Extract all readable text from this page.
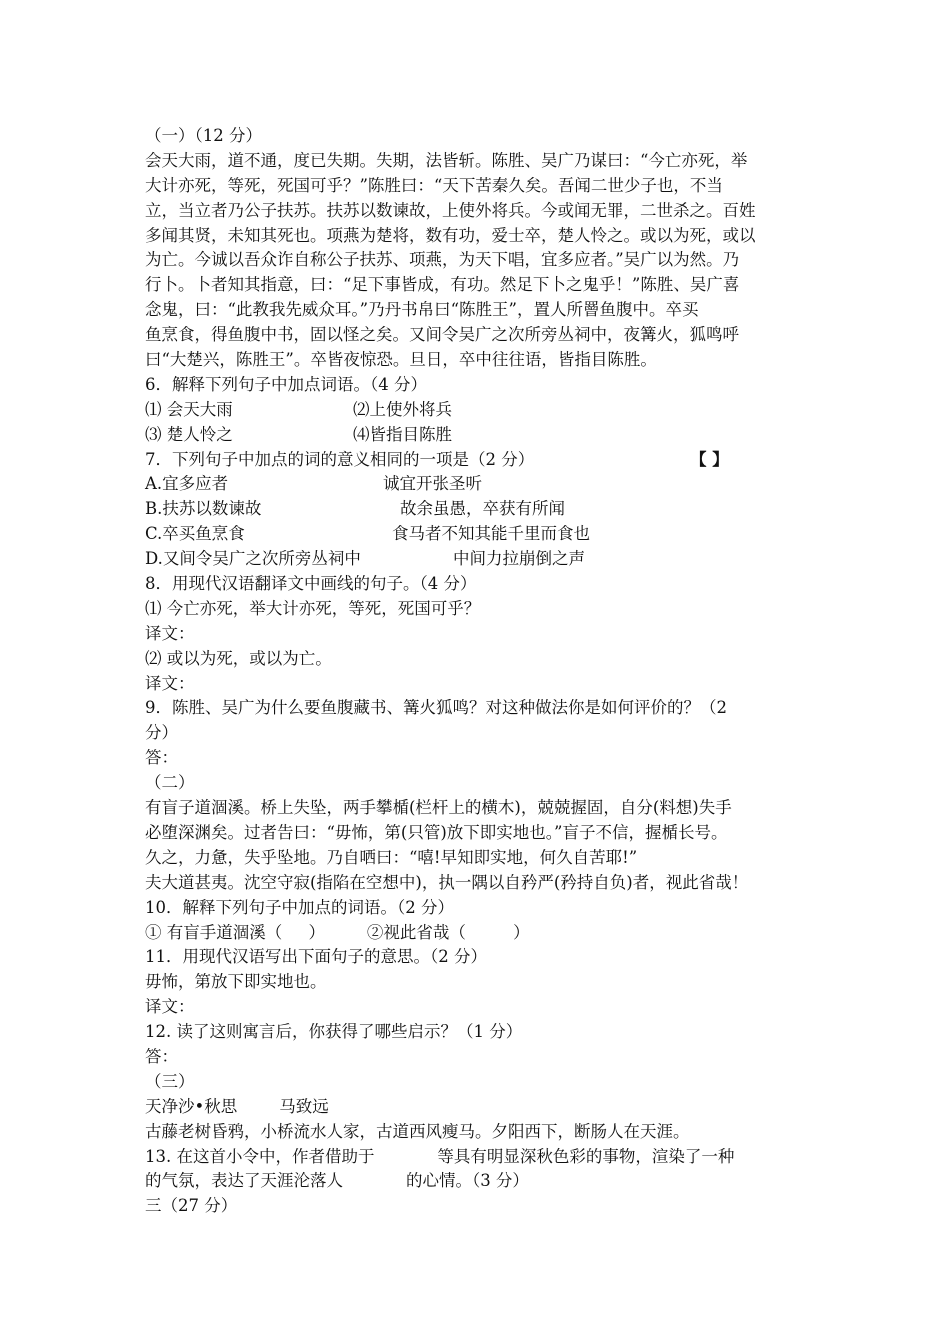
（一）（12 分）
会天大雨，道不通，度已失期。失期，法皆斩。陈胜、吴广乃谋曰：“今亡亦死，举
大计亦死，等死，死国可乎？”陈胜曰：“天下苦秦久矣。吾闻二世少子也，不当
立，当立者乃公子扶苏。扶苏以数谏故，上使外将兵。今或闻无罪，二世杀之。百姓
多闻其贤，未知其死也。项燕为楚将，数有功，爱士卒，楚人怜之。或以为死，或以
为亡。今诚以吾众诈自称公子扶苏、项燕，为天下唱，宜多应者。”吴广以为然。乃
行卜。卜者知其指意，曰：“足下事皆成，有功。然足下卜之鬼乎！”陈胜、吴广喜
念鬼，曰：“此教我先威众耳。”乃丹书帛曰“陈胜王”，置人所罾鱼腹中。卒买
鱼烹食，得鱼腹中书，固以怪之矣。又间令吴广之次所旁丛祠中，夜篝火，狐鸣呼
曰“大楚兴，陈胜王”。卒皆夜惊恐。旦日，卒中往往语，皆指目陈胜。
6．解释下列句子中加点词语。（4 分）
⑴ 会天大雨	⑵上使外将兵
⑶ 楚人怜之	⑷皆指目陈胜
7．下列句子中加点的词的意义相同的一项是（2 分）	【 】
A.宜多应者	诚宜开张圣听
B.扶苏以数谏故	故余虽愚，卒获有所闻
C.卒买鱼烹食	食马者不知其能千里而食也
D.又间令吴广之次所旁丛祠中	中间力拉崩倒之声
8．用现代汉语翻译文中画线的句子。（4 分）
⑴ 今亡亦死，举大计亦死，等死，死国可乎？
译文：
⑵ 或以为死，或以为亡。
译文：
9．陈胜、吴广为什么要鱼腹藏书、篝火狐鸣？对这种做法你是如何评价的？（2
分）
答：
（二）
有盲子道涸溪。桥上失坠，两手攀楯(栏杆上的横木)，兢兢握固，自分(料想)失手
必堕深渊矣。过者告曰：“毋怖，第(只管)放下即实地也。”盲子不信，握楯长号。
久之，力惫，失乎坠地。乃自哂曰：“嘻!早知即实地，何久自苦耶!”
夫大道甚夷。沈空守寂(指陷在空想中)，执一隅以自矜严(矜持自负)者，视此省哉！
10．解释下列句子中加点的词语。（2 分）
① 有盲手道涸溪（     ）        ②视此省哉（         ）
11．用现代汉语写出下面句子的意思。（2 分）
毋怖，第放下即实地也。
译文：
12. 读了这则寓言后，你获得了哪些启示？（1 分）
答：
（三）
天净沙•秋思        马致远
古藤老树昏鸦，小桥流水人家，古道西风瘦马。夕阳西下，断肠人在天涯。
13. 在这首小令中，作者借助于            等具有明显深秋色彩的事物，渲染了一种
的气氛，表达了天涯沦落人            的心情。（3 分）
三（27 分）
